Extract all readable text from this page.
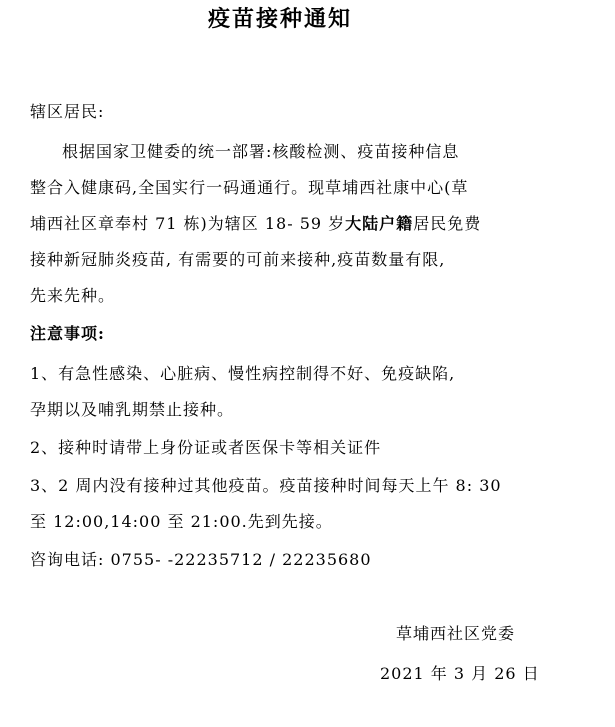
疫苗接种通知
辖区居民:
根据国家卫健委的统一部署:核酸检测、疫苗接种信息
整合入健康码,全国实行一码通通行。现草埔西社康中心(草
埔西社区章奉村 71 栋)为辖区 18- 59 岁大陆户籍居民免费
接种新冠肺炎疫苗, 有需要的可前来接种,疫苗数量有限,
先来先种。
注意事项:
1、有急性感染、心脏病、慢性病控制得不好、免疫缺陷,
孕期以及哺乳期禁止接种。
2、接种时请带上身份证或者医保卡等相关证件
3、2 周内没有接种过其他疫苗。疫苗接种时间每天上午 8: 30
至 12:00,14:00 至 21:00.先到先接。
咨询电话: 0755- -22235712 / 22235680
草埔西社区党委
2021 年 3 月 26 日
